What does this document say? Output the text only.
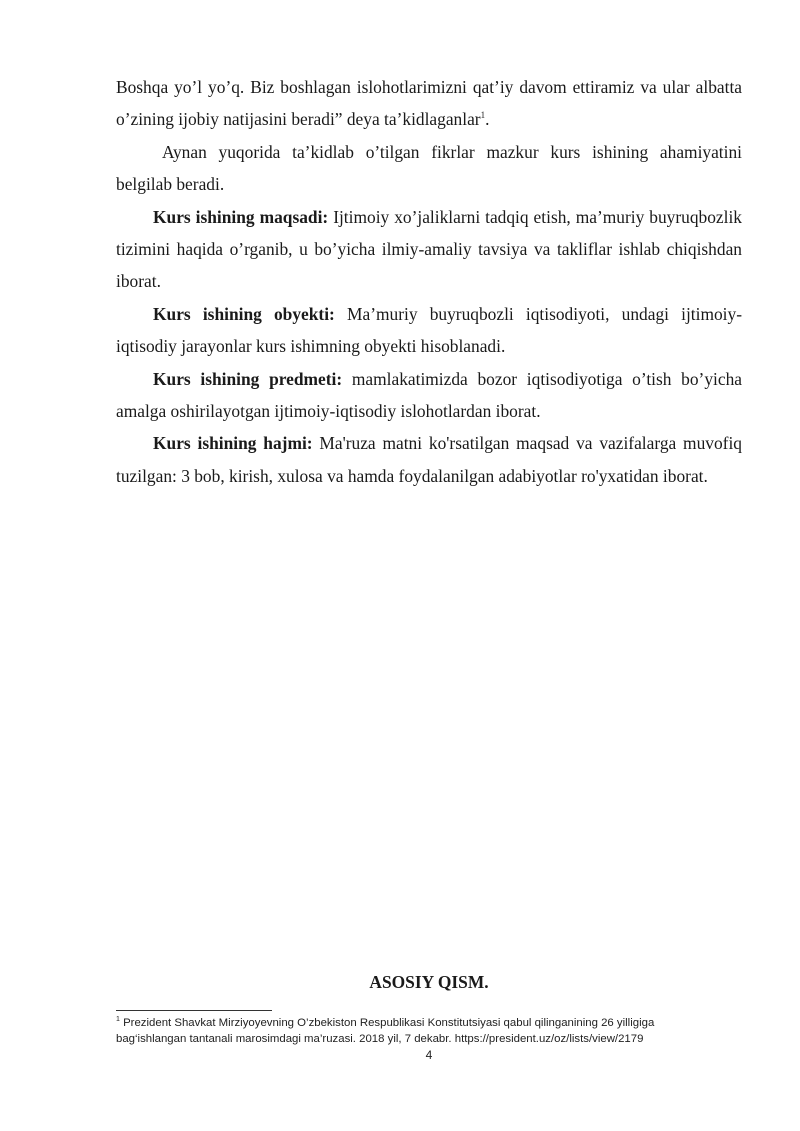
Boshqa yo’l yo’q. Biz boshlagan islohotlarimizni qat’iy davom ettiramiz va ular albatta o’zining ijobiy natijasini beradi” deya ta’kidlaganlar$^1$.

Aynan yuqorida ta’kidlab o’tilgan fikrlar mazkur kurs ishining ahamiyatini belgilab beradi.

Kurs ishining maqsadi: Ijtimoiy xo’jaliklarni tadqiq etish, ma’muriy buyruqbozlik tizimini haqida o’rganib, u bo’yicha ilmiy-amaliy tavsiya va takliflar ishlab chiqishdan iborat.

Kurs ishining obyekti: Ma’muriy buyruqbozli iqtisodiyoti, undagi ijtimoiy-iqtisodiy jarayonlar kurs ishimning obyekti hisoblanadi.

Kurs ishining predmeti: mamlakatimizda bozor iqtisodiyotiga o’tish bo’yicha amalga oshirilayotgan ijtimoiy-iqtisodiy islohotlardan iborat.

Kurs ishining hajmi: Ma'ruza matni ko'rsatilgan maqsad va vazifalarga muvofiq tuzilgan: 3 bob, kirish, xulosa va hamda foydalanilgan adabiyotlar ro'yxatidan iborat.

ASOSIY QISM.
$^1$ Prezident Shavkat Mirziyoyevning O’zbekiston Respublikasi Konstitutsiyasi qabul qilinganining 26 yilligiga bag‘ishlangan tantanali marosimdagi ma’ruzasi. 2018 yil, 7 dekabr. https://president.uz/oz/lists/view/2179
4
